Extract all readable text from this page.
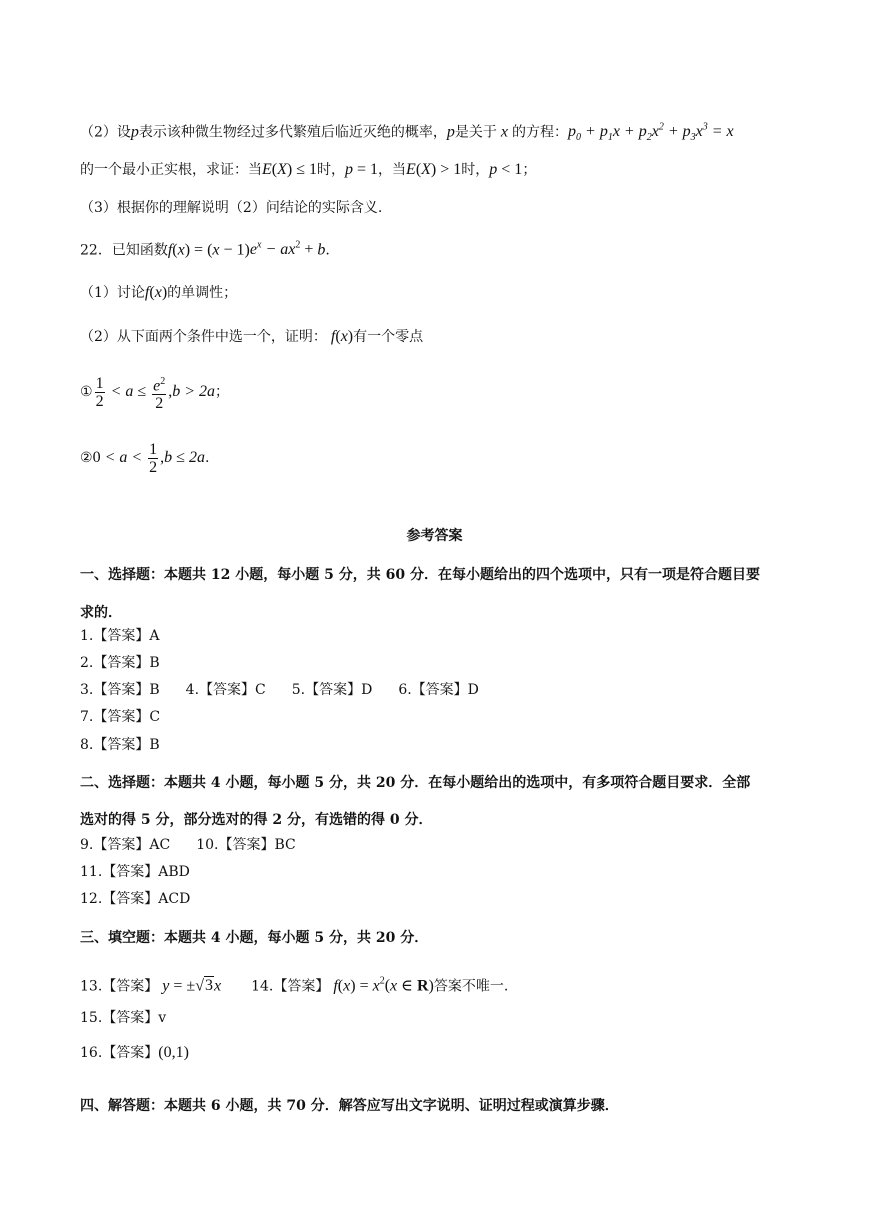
（2）设p表示该种微生物经过多代繁殖后临近灭绝的概率，p是关于 x 的方程：$p_0 + p_1x + p_2x^2 + p_3x^3 = x$
的一个最小正实根，求证：当E(X) ≤ 1时，p = 1，当E(X) > 1时，p < 1；
（3）根据你的理解说明（2）问结论的实际含义.
22．已知函数$f(x) = (x - 1)e^x - ax^2 + b$.
（1）讨论f(x)的单调性；
（2）从下面两个条件中选一个，证明： f(x)有一个零点
① $\frac{1}{2} < a \le \frac{e^2}{2} ,b > 2a$；
②0 < $a < \frac{1}{2} ,b \le 2a$.
参考答案
一、选择题：本题共 12 小题，每小题 5 分，共 60 分．在每小题给出的四个选项中，只有一项是符合题目要
求的．
1.【答案】A
2.【答案】B
3.【答案】B 4.【答案】C 5.【答案】D 6.【答案】D
7.【答案】C
8.【答案】B
二、选择题：本题共 4 小题，每小题 5 分，共 20 分．在每小题给出的选项中，有多项符合题目要求．全部
选对的得 5 分，部分选对的得 2 分，有选错的得 0 分．
9.【答案】AC 10.【答案】BC
11.【答案】ABD
12.【答案】ACD
三、填空题：本题共 4 小题，每小题 5 分，共 20 分．
13.【答案】 y = ±√3x 14.【答案】 $f(x) = x^2(x$ ∈ R)答案不唯一.
15.【答案】v
16.【答案】(0,1)
四、解答题：本题共 6 小题，共 70 分．解答应写出文字说明、证明过程或演算步骤．
